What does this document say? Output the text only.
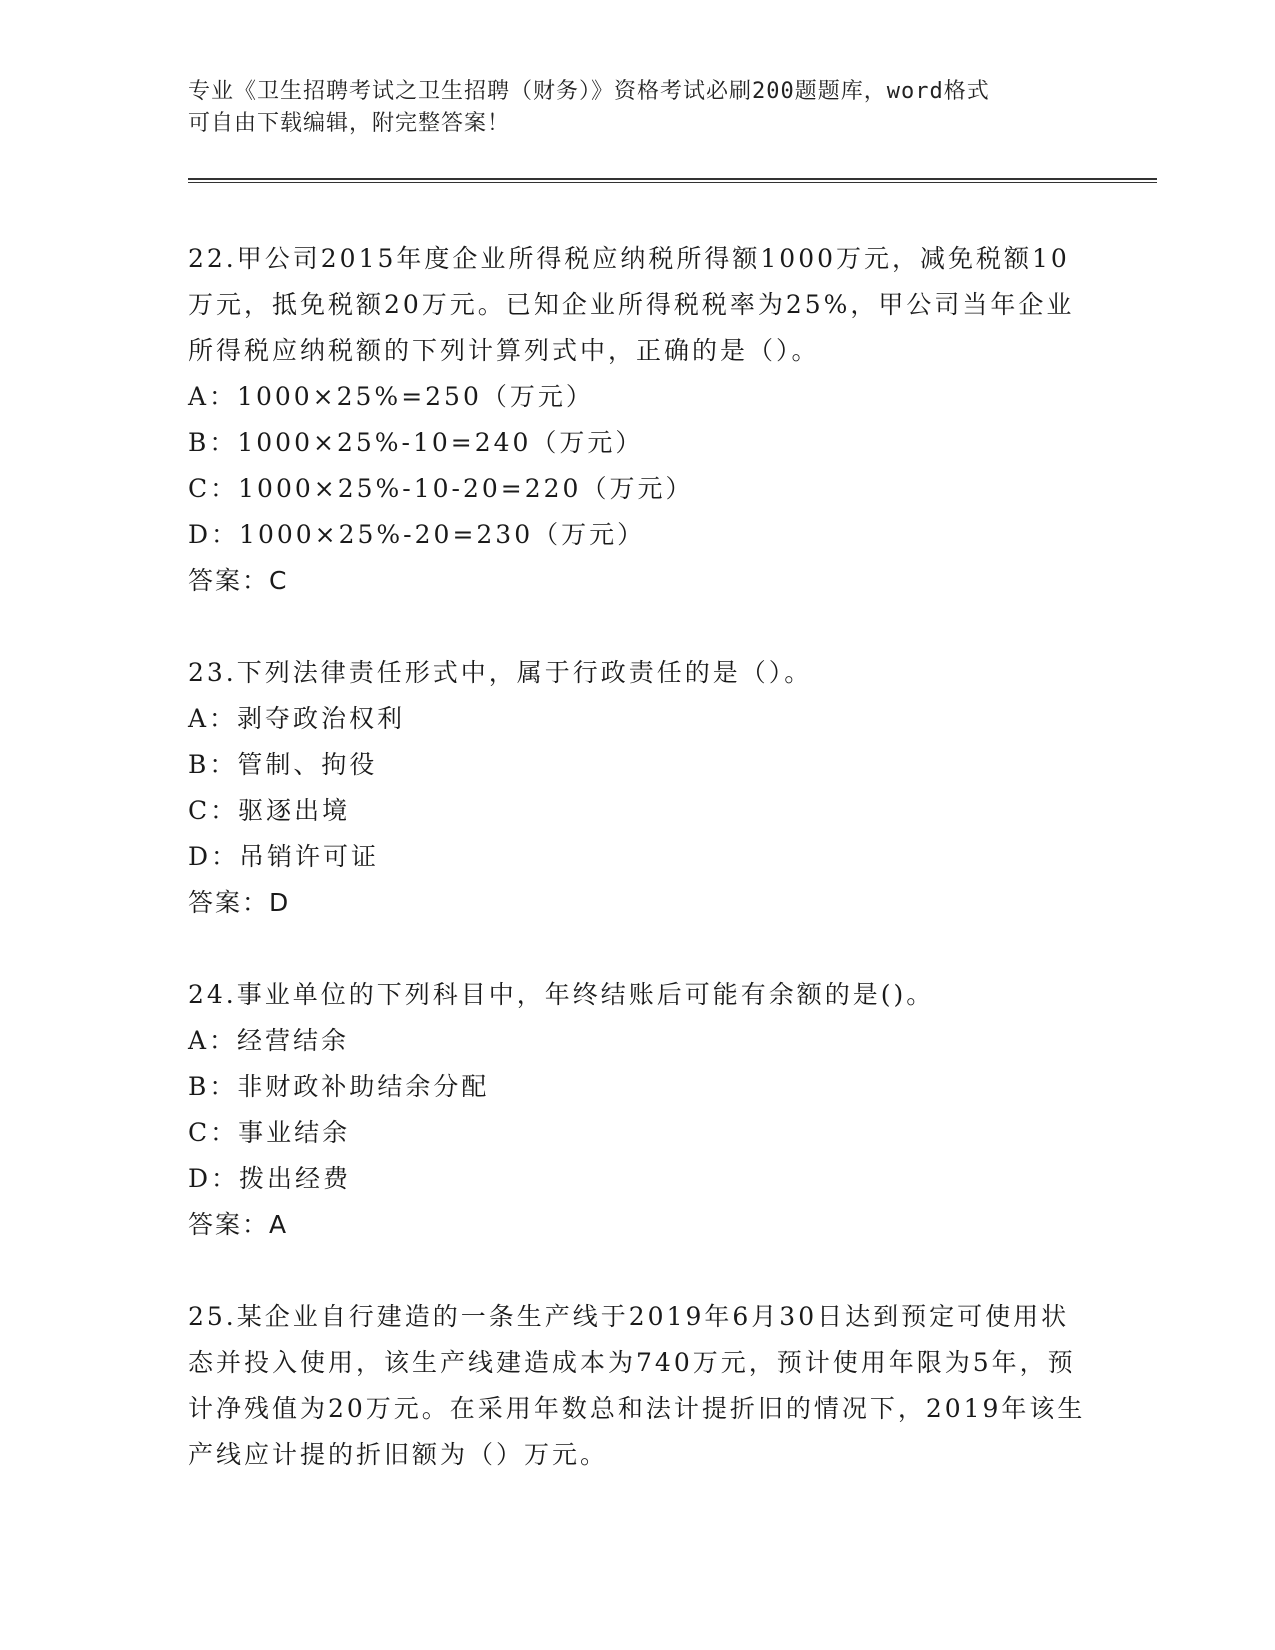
专业《卫生招聘考试之卫生招聘（财务）》资格考试必刷200题题库，word格式
可自由下载编辑，附完整答案！

22.甲公司2015年度企业所得税应纳税所得额1000万元，减免税额10万元，抵免税额20万元。已知企业所得税税率为25%，甲公司当年企业所得税应纳税额的下列计算列式中，正确的是（）。

A：1000×25%=250（万元）

B：1000×25%-10=240（万元）

C：1000×25%-10-20=220（万元）

D：1000×25%-20=230（万元）

答案：C

23.下列法律责任形式中，属于行政责任的是（）。

A：剥夺政治权利

B：管制、拘役

C：驱逐出境

D：吊销许可证

答案：D

24.事业单位的下列科目中，年终结账后可能有余额的是()。

A：经营结余

B：非财政补助结余分配

C：事业结余

D：拨出经费

答案：A

25.某企业自行建造的一条生产线于2019年6月30日达到预定可使用状态并投入使用，该生产线建造成本为740万元，预计使用年限为5年，预计净残值为20万元。在采用年数总和法计提折旧的情况下，2019年该生产线应计提的折旧额为（）万元。
